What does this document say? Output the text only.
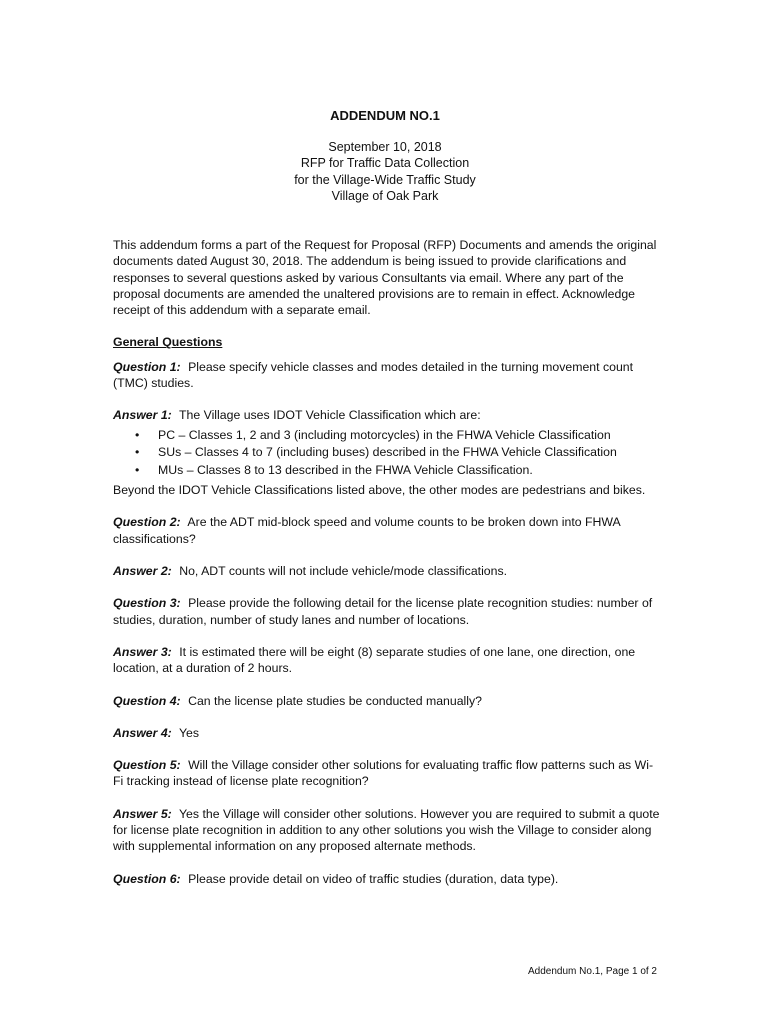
ADDENDUM NO.1

September 10, 2018
RFP for Traffic Data Collection
for the Village-Wide Traffic Study
Village of Oak Park

This addendum forms a part of the Request for Proposal (RFP) Documents and amends the original documents dated August 30, 2018. The addendum is being issued to provide clarifications and responses to several questions asked by various Consultants via email. Where any part of the proposal documents are amended the unaltered provisions are to remain in effect. Acknowledge receipt of this addendum with a separate email.

General Questions

Question 1: Please specify vehicle classes and modes detailed in the turning movement count (TMC) studies.

Answer 1: The Village uses IDOT Vehicle Classification which are:
• PC – Classes 1, 2 and 3 (including motorcycles) in the FHWA Vehicle Classification
• SUs – Classes 4 to 7 (including buses) described in the FHWA Vehicle Classification
• MUs – Classes 8 to 13 described in the FHWA Vehicle Classification.
Beyond the IDOT Vehicle Classifications listed above, the other modes are pedestrians and bikes.

Question 2: Are the ADT mid-block speed and volume counts to be broken down into FHWA classifications?

Answer 2: No, ADT counts will not include vehicle/mode classifications.

Question 3: Please provide the following detail for the license plate recognition studies: number of studies, duration, number of study lanes and number of locations.

Answer 3: It is estimated there will be eight (8) separate studies of one lane, one direction, one location, at a duration of 2 hours.

Question 4: Can the license plate studies be conducted manually?

Answer 4: Yes

Question 5: Will the Village consider other solutions for evaluating traffic flow patterns such as Wi-Fi tracking instead of license plate recognition?

Answer 5: Yes the Village will consider other solutions. However you are required to submit a quote for license plate recognition in addition to any other solutions you wish the Village to consider along with supplemental information on any proposed alternate methods.

Question 6: Please provide detail on video of traffic studies (duration, data type).

Addendum No.1, Page 1 of 2
